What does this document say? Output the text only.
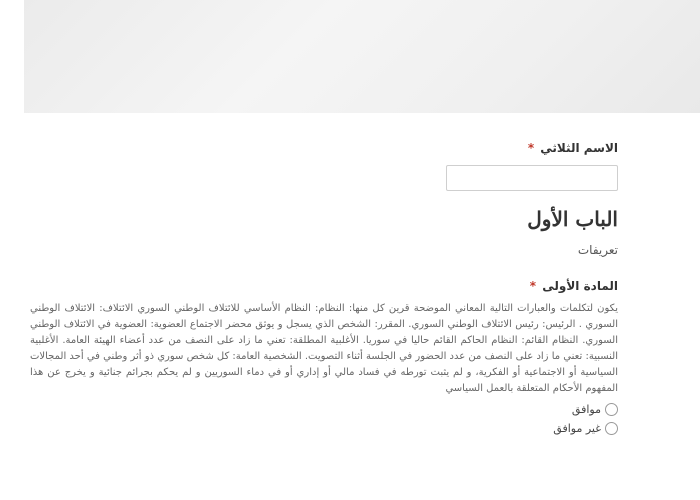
الاسم الثلاثي *
الباب الأول
تعريفات
المادة الأولى *
يكون لتكلمات والعبارات التالية المعاني الموضحة قرين كل منها: النظام: النظام الأساسي للائتلاف الوطني السوري الائتلاف: الائتلاف الوطني السوري . الرئيس: رئيس الائتلاف الوطني السوري. المقرر: الشخص الذي يسجل و يوثق محضر الاجتماع العضوية: العضوية في الائتلاف الوطني السوري. النظام القائم: النظام الحاكم القائم حاليا في سوريا. الأغلبية المطلقة: تعني ما زاد على النصف من عدد أعضاء الهيئة العامة. الأغلبية النسبية: تعني ما زاد على النصف من عدد الحضور في الجلسة أثناء التصويت. الشخصية العامة: كل شخص سوري ذو أثر وطني في أحد المجالات السياسية أو الاجتماعية أو الفكرية، و لم يثبت تورطه في فساد مالي أو إداري أو في دماء السوريين و لم يحكم بجرائم جنائية و يخرج عن هذا المفهوم الأحكام المتعلقة بالعمل السياسي
موافق
غير موافق
